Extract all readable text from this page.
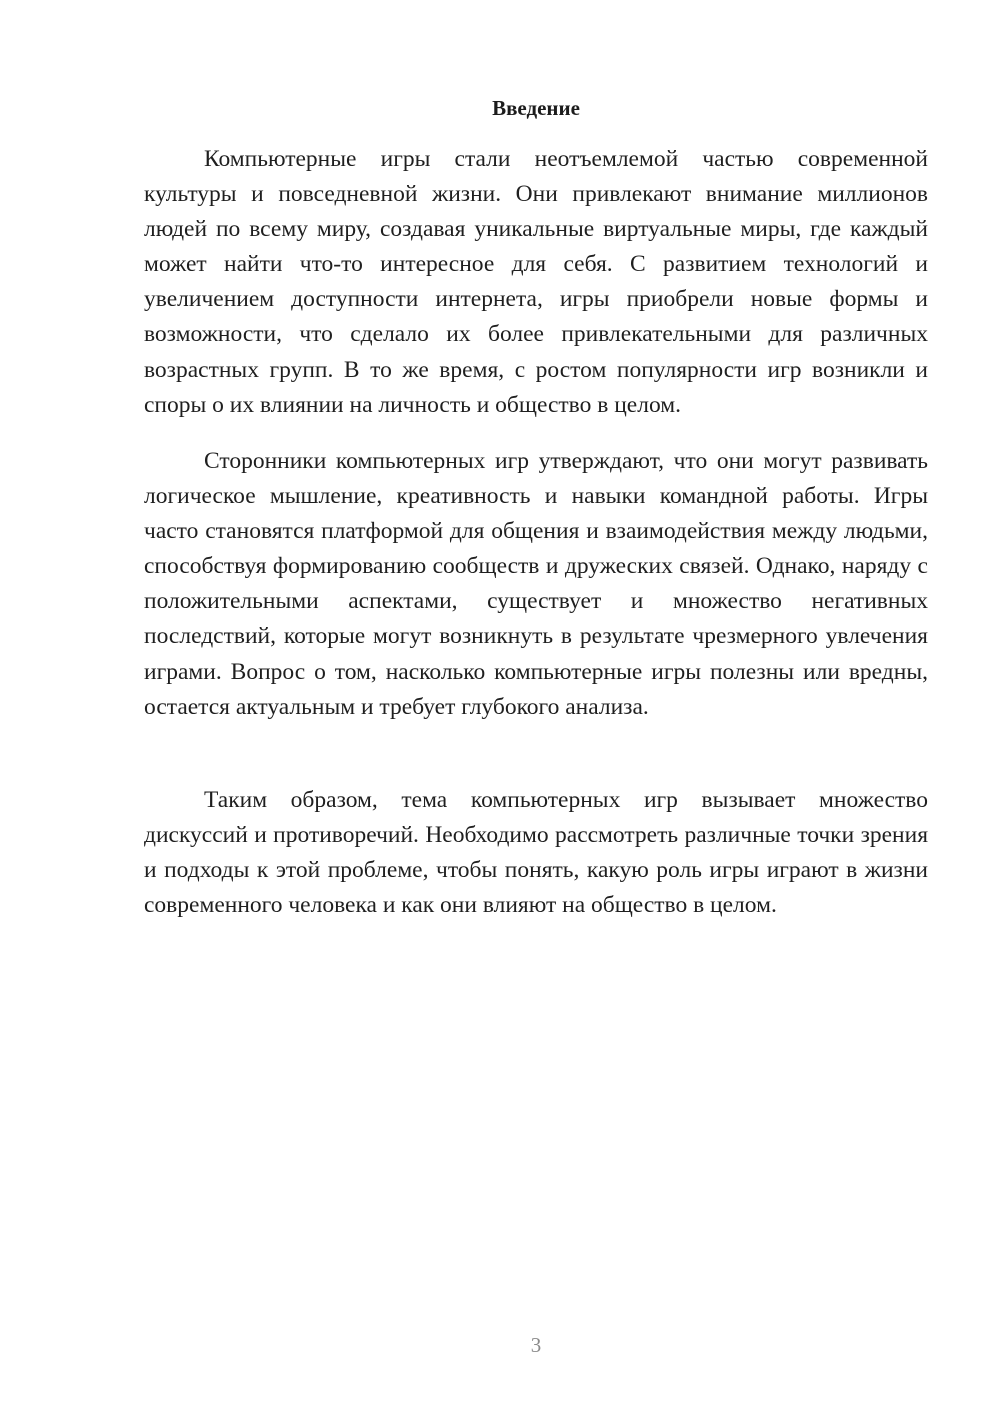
Введение

Компьютерные игры стали неотъемлемой частью современной культуры и повседневной жизни. Они привлекают внимание миллионов людей по всему миру, создавая уникальные виртуальные миры, где каждый может найти что-то интересное для себя. С развитием технологий и увеличением доступности интернета, игры приобрели новые формы и возможности, что сделало их более привлекательными для различных возрастных групп. В то же время, с ростом популярности игр возникли и споры о их влиянии на личность и общество в целом.

Сторонники компьютерных игр утверждают, что они могут развивать логическое мышление, креативность и навыки командной работы. Игры часто становятся платформой для общения и взаимодействия между людьми, способствуя формированию сообществ и дружеских связей. Однако, наряду с положительными аспектами, существует и множество негативных последствий, которые могут возникнуть в результате чрезмерного увлечения играми. Вопрос о том, насколько компьютерные игры полезны или вредны, остается актуальным и требует глубокого анализа.

Таким образом, тема компьютерных игр вызывает множество дискуссий и противоречий. Необходимо рассмотреть различные точки зрения и подходы к этой проблеме, чтобы понять, какую роль игры играют в жизни современного человека и как они влияют на общество в целом.

3
